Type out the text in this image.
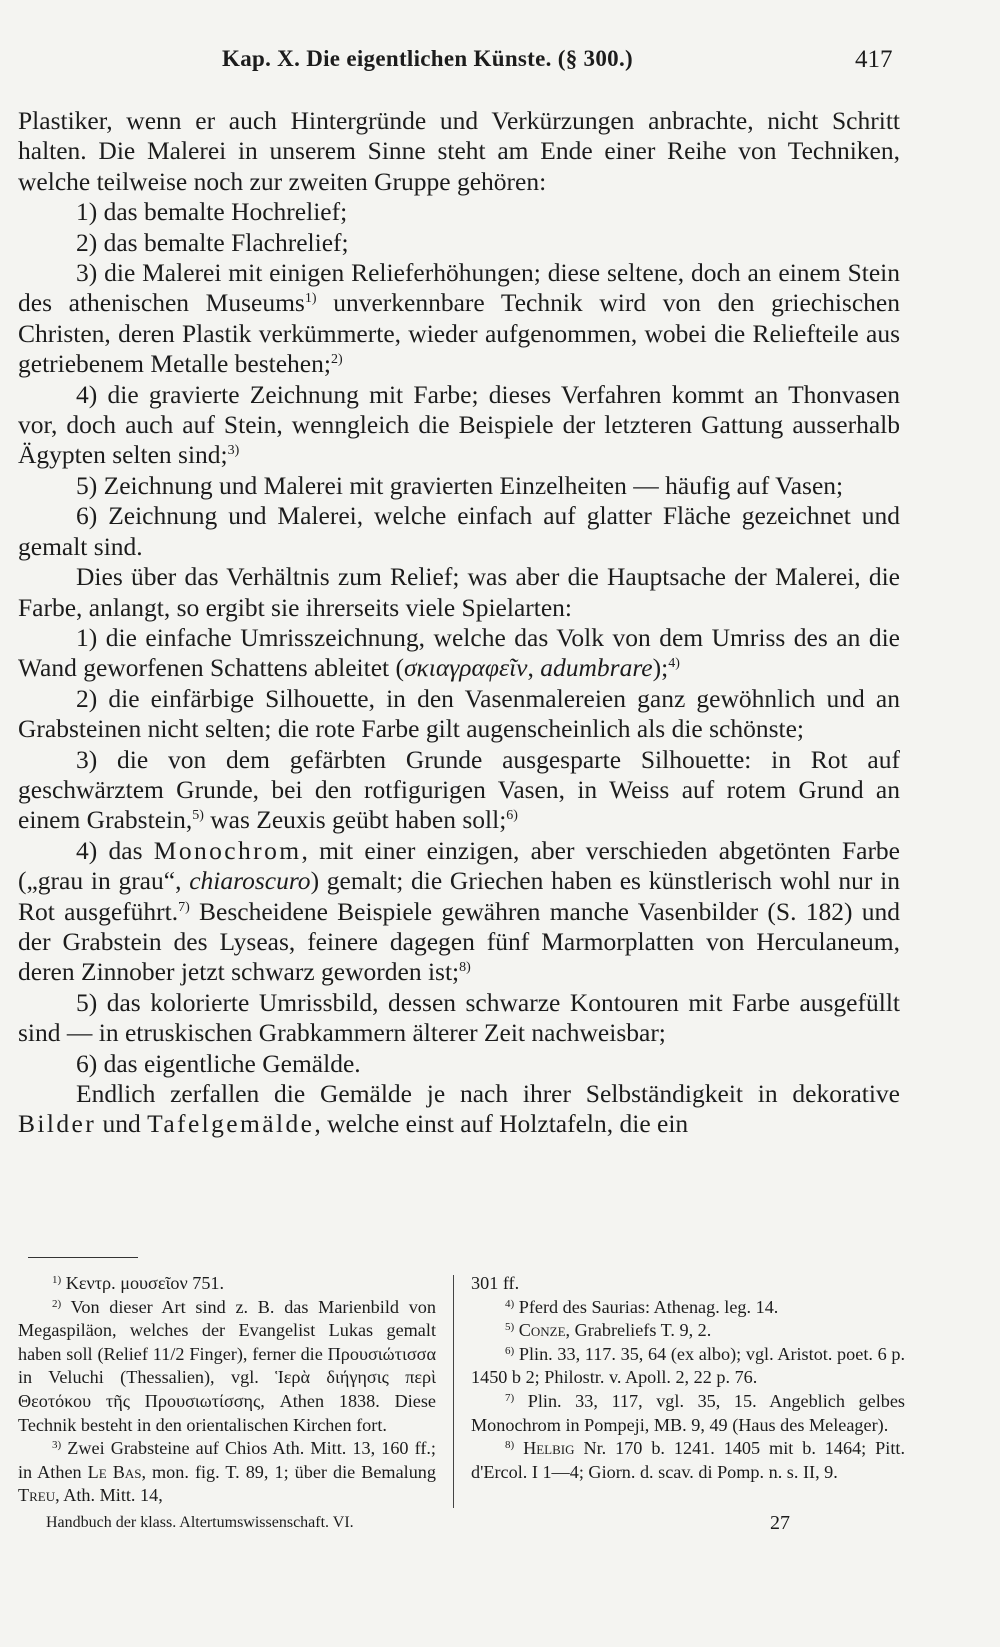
Kap. X. Die eigentlichen Künste. (§ 300.)	417

Plastiker, wenn er auch Hintergründe und Verkürzungen anbrachte, nicht Schritt halten. Die Malerei in unserem Sinne steht am Ende einer Reihe von Techniken, welche teilweise noch zur zweiten Gruppe gehören:

1) das bemalte Hochrelief;

2) das bemalte Flachrelief;

3) die Malerei mit einigen Relieferhöhungen; diese seltene, doch an einem Stein des athenischen Museums$^{1)}$ unverkennbare Technik wird von den griechischen Christen, deren Plastik verkümmerte, wieder aufgenommen, wobei die Reliefteile aus getriebenem Metalle bestehen;$^{2)}$

4) die gravierte Zeichnung mit Farbe; dieses Verfahren kommt an Thonvasen vor, doch auch auf Stein, wenngleich die Beispiele der letzteren Gattung ausserhalb Ägypten selten sind;$^{3)}$

5) Zeichnung und Malerei mit gravierten Einzelheiten — häufig auf Vasen;

6) Zeichnung und Malerei, welche einfach auf glatter Fläche gezeichnet und gemalt sind.

Dies über das Verhältnis zum Relief; was aber die Hauptsache der Malerei, die Farbe, anlangt, so ergibt sie ihrerseits viele Spielarten:

1) die einfache Umrisszeichnung, welche das Volk von dem Umriss des an die Wand geworfenen Schattens ableitet (σκιαγραφεῖν, adumbrare);$^{4)}$

2) die einfärbige Silhouette, in den Vasenmalereien ganz gewöhnlich und an Grabsteinen nicht selten; die rote Farbe gilt augenscheinlich als die schönste;

3) die von dem gefärbten Grunde ausgesparte Silhouette: in Rot auf geschwärztem Grunde, bei den rotfigurigen Vasen, in Weiss auf rotem Grund an einem Grabstein,$^{5)}$ was Zeuxis geübt haben soll;$^{6)}$

4) das Monochrom, mit einer einzigen, aber verschieden abgetönten Farbe („grau in grau“, chiaroscuro) gemalt; die Griechen haben es künstlerisch wohl nur in Rot ausgeführt.$^{7)}$ Bescheidene Beispiele gewähren manche Vasenbilder (S. 182) und der Grabstein des Lyseas, feinere dagegen fünf Marmorplatten von Herculaneum, deren Zinnober jetzt schwarz geworden ist;$^{8)}$

5) das kolorierte Umrissbild, dessen schwarze Kontouren mit Farbe ausgefüllt sind — in etruskischen Grabkammern älterer Zeit nachweisbar;

6) das eigentliche Gemälde.

Endlich zerfallen die Gemälde je nach ihrer Selbständigkeit in dekorative Bilder und Tafelgemälde, welche einst auf Holztafeln, die ein

$^{1)}$ Κεντρ. μουσεῖον 751.

$^{2)}$ Von dieser Art sind z. B. das Marienbild von Megaspiläon, welches der Evangelist Lukas gemalt haben soll (Relief 11/2 Finger), ferner die Προυσιώτισσα in Veluchi (Thessalien), vgl. Ἱερὰ διήγησις περὶ Θεοτόκου τῆς Προυσιωτίσσης, Athen 1838. Diese Technik besteht in den orientalischen Kirchen fort.

$^{3)}$ Zwei Grabsteine auf Chios Ath. Mitt. 13, 160 ff.; in Athen Le Bas, mon. fig. T. 89, 1; über die Bemalung Treu, Ath. Mitt. 14,

301 ff.

$^{4)}$ Pferd des Saurias: Athenag. leg. 14.

$^{5)}$ Conze, Grabreliefs T. 9, 2.

$^{6)}$ Plin. 33, 117. 35, 64 (ex albo); vgl. Aristot. poet. 6 p. 1450 b 2; Philostr. v. Apoll. 2, 22 p. 76.

$^{7)}$ Plin. 33, 117, vgl. 35, 15. Angeblich gelbes Monochrom in Pompeji, MB. 9, 49 (Haus des Meleager).

$^{8)}$ Helbig Nr. 170 b. 1241. 1405 mit b. 1464; Pitt. d'Ercol. I 1—4; Giorn. d. scav. di Pomp. n. s. II, 9.

Handbuch der klass. Altertumswissenschaft. VI.	27
